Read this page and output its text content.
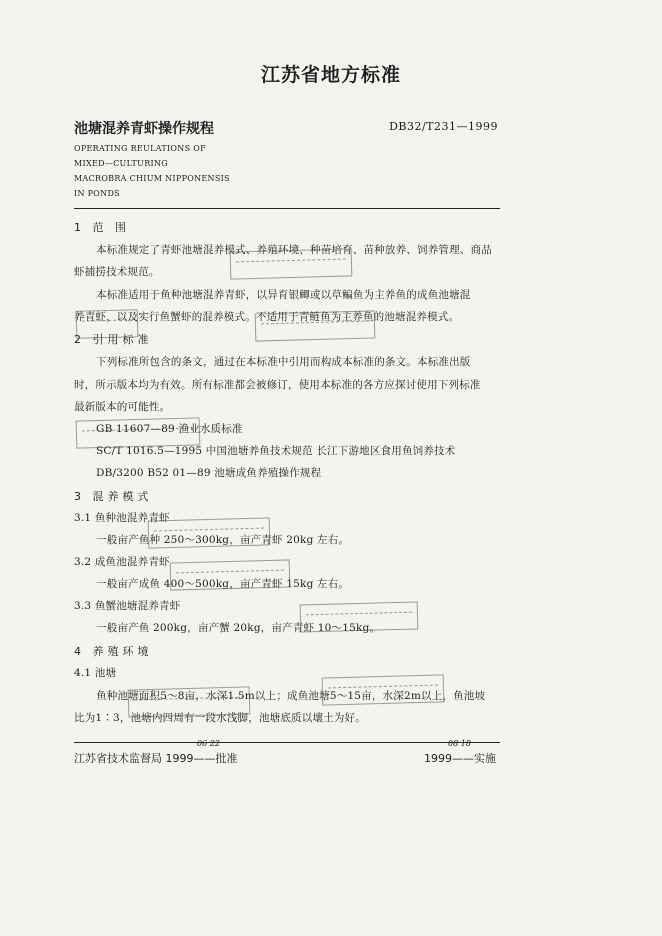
江苏省地方标准
池塘混养青虾操作规程	DB32/T231—1999
OPERATING REULATIONS OF
MIXED—CULTURING
MACROBRA CHIUM NIPPONENSIS
IN PONDS
1 范 围
本标准规定了青虾池塘混养模式、养殖环境、种苗培育、苗种放养、饲养管理、商品
虾捕捞技术规范。
本标准适用于鱼种池塘混养青虾，以异育银鲫或以草鳊鱼为主养鱼的成鱼池塘混
养青虾，以及实行鱼蟹虾的混养模式。不适用于青鲢鱼为主养鱼的池塘混养模式。
2 引用标准
下列标准所包含的条文，通过在本标准中引用而构成本标准的条文。本标准出版
时，所示版本均为有效。所有标准都会被修订，使用本标准的各方应探讨使用下列标准
最新版本的可能性。
GB 11607—89 渔业水质标准
SC/T 1016.5—1995 中国池塘养鱼技术规范 长江下游地区食用鱼饲养技术
DB/3200 B52 01—89 池塘成鱼养殖操作规程
3 混养模式
3.1 鱼种池混养青虾
一般亩产鱼种 250～300kg，亩产青虾 20kg 左右。
3.2 成鱼池混养青虾
一般亩产成鱼 400～500kg，亩产青虾 15kg 左右。
3.3 鱼蟹池塘混养青虾
一般亩产鱼 200kg，亩产蟹 20kg，亩产青虾 10～15kg。
4 养殖环境
4.1 池塘
鱼种池塘面积5～8亩，水深1.5m以上；成鱼池塘5～15亩，水深2m以上，鱼池坡
比为1∶3，池塘内四周有一段水浅脚，池塘底质以壤土为好。
06 22
江苏省技术监督局 1999——批准
08 18
1999——实施
